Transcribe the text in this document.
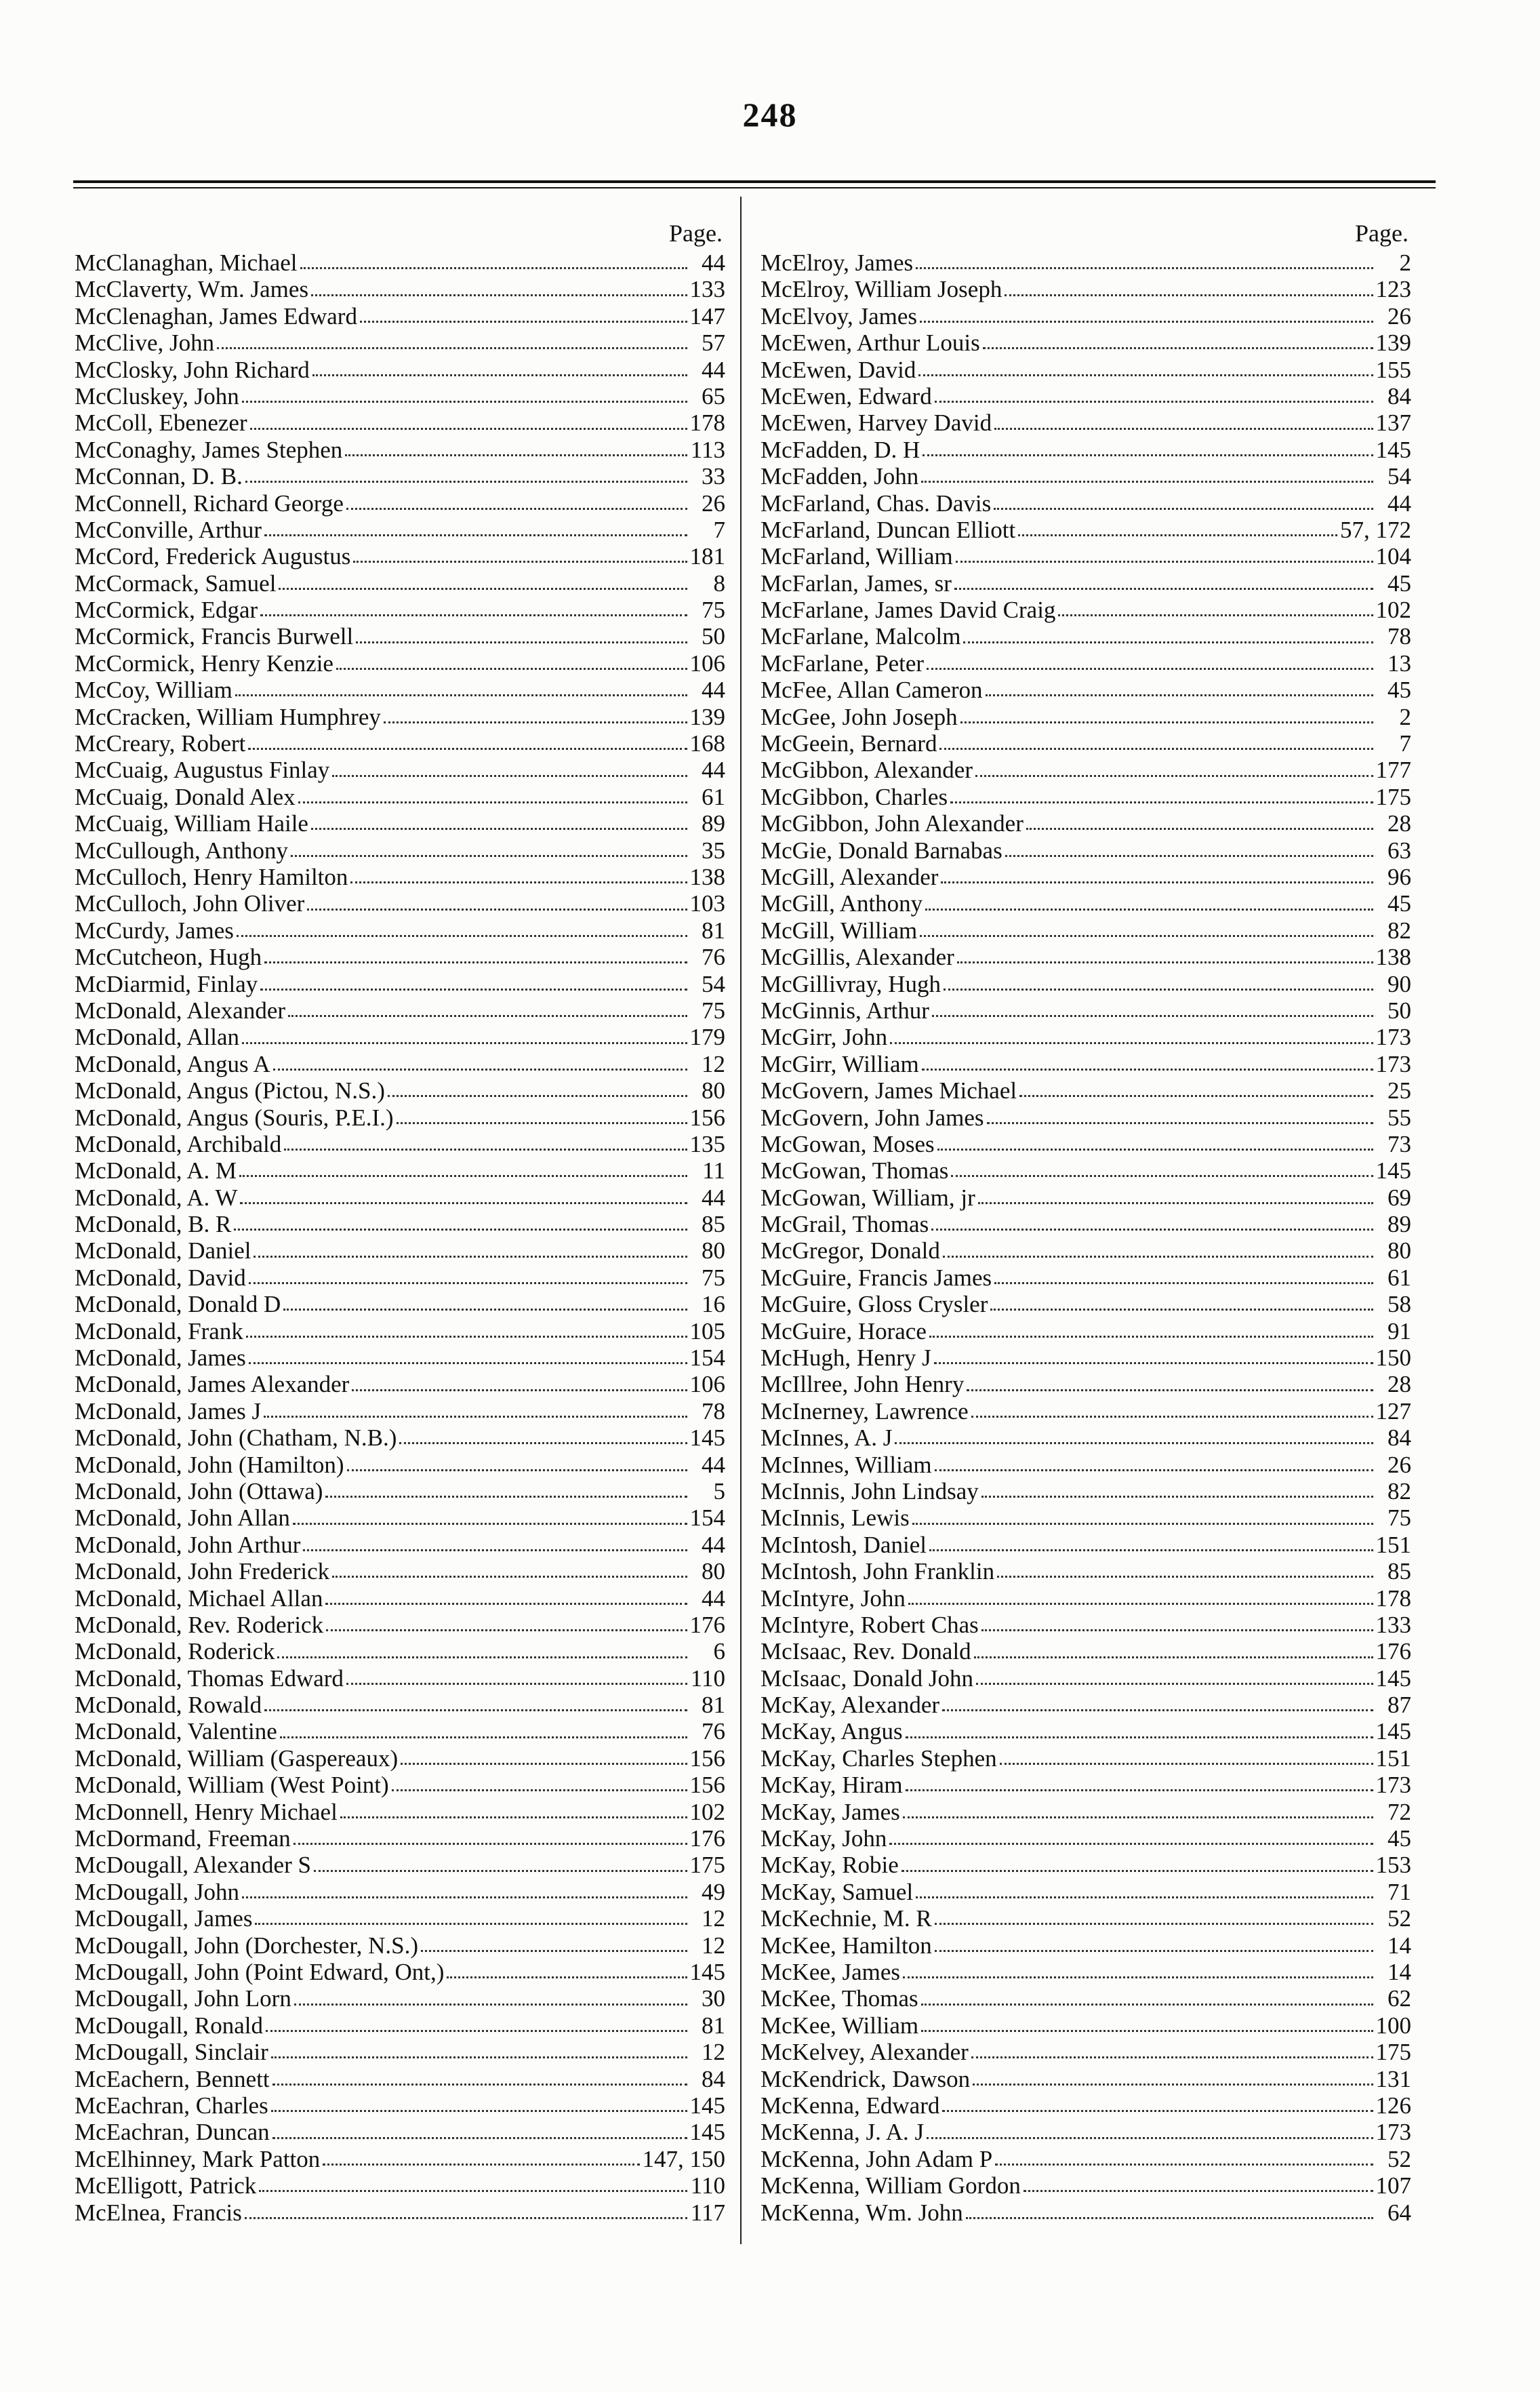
248
Page.
McClanaghan, Michael	44
McClaverty, Wm. James	133
McClenaghan, James Edward	147
McClive, John	57
McClosky, John Richard	44
McCluskey, John	65
McColl, Ebenezer	178
McConaghy, James Stephen	113
McConnan, D. B.	33
McConnell, Richard George	26
McConville, Arthur	7
McCord, Frederick Augustus	181
McCormack, Samuel	8
McCormick, Edgar	75
McCormick, Francis Burwell	50
McCormick, Henry Kenzie	106
McCoy, William	44
McCracken, William Humphrey	139
McCreary, Robert	168
McCuaig, Augustus Finlay	44
McCuaig, Donald Alex	61
McCuaig, William Haile	89
McCullough, Anthony	35
McCulloch, Henry Hamilton	138
McCulloch, John Oliver	103
McCurdy, James	81
McCutcheon, Hugh	76
McDiarmid, Finlay	54
McDonald, Alexander	75
McDonald, Allan	179
McDonald, Angus A	12
McDonald, Angus (Pictou, N.S.)	80
McDonald, Angus (Souris, P.E.I.)	156
McDonald, Archibald	135
McDonald, A. M	11
McDonald, A. W	44
McDonald, B. R	85
McDonald, Daniel	80
McDonald, David	75
McDonald, Donald D	16
McDonald, Frank	105
McDonald, James	154
McDonald, James Alexander	106
McDonald, James J	78
McDonald, John (Chatham, N.B.)	145
McDonald, John (Hamilton)	44
McDonald, John (Ottawa)	5
McDonald, John Allan	154
McDonald, John Arthur	44
McDonald, John Frederick	80
McDonald, Michael Allan	44
McDonald, Rev. Roderick	176
McDonald, Roderick	6
McDonald, Thomas Edward	110
McDonald, Rowald	81
McDonald, Valentine	76
McDonald, William (Gaspereaux)	156
McDonald, William (West Point)	156
McDonnell, Henry Michael	102
McDormand, Freeman	176
McDougall, Alexander S	175
McDougall, John	49
McDougall, James	12
McDougall, John (Dorchester, N.S.)	12
McDougall, John (Point Edward, Ont,)	145
McDougall, John Lorn	30
McDougall, Ronald	81
McDougall, Sinclair	12
McEachern, Bennett	84
McEachran, Charles	145
McEachran, Duncan	145
McElhinney, Mark Patton	147, 150
McElligott, Patrick	110
McElnea, Francis	117
Page.
McElroy, James	2
McElroy, William Joseph	123
McElvoy, James	26
McEwen, Arthur Louis	139
McEwen, David	155
McEwen, Edward	84
McEwen, Harvey David	137
McFadden, D. H	145
McFadden, John	54
McFarland, Chas. Davis	44
McFarland, Duncan Elliott	57, 172
McFarland, William	104
McFarlan, James, sr	45
McFarlane, James David Craig	102
McFarlane, Malcolm	78
McFarlane, Peter	13
McFee, Allan Cameron	45
McGee, John Joseph	2
McGeein, Bernard	7
McGibbon, Alexander	177
McGibbon, Charles	175
McGibbon, John Alexander	28
McGie, Donald Barnabas	63
McGill, Alexander	96
McGill, Anthony	45
McGill, William	82
McGillis, Alexander	138
McGillivray, Hugh	90
McGinnis, Arthur	50
McGirr, John	173
McGirr, William	173
McGovern, James Michael	25
McGovern, John James	55
McGowan, Moses	73
McGowan, Thomas	145
McGowan, William, jr	69
McGrail, Thomas	89
McGregor, Donald	80
McGuire, Francis James	61
McGuire, Gloss Crysler	58
McGuire, Horace	91
McHugh, Henry J	150
McIllree, John Henry	28
McInerney, Lawrence	127
McInnes, A. J	84
McInnes, William	26
McInnis, John Lindsay	82
McInnis, Lewis	75
McIntosh, Daniel	151
McIntosh, John Franklin	85
McIntyre, John	178
McIntyre, Robert Chas	133
McIsaac, Rev. Donald	176
McIsaac, Donald John	145
McKay, Alexander	87
McKay, Angus	145
McKay, Charles Stephen	151
McKay, Hiram	173
McKay, James	72
McKay, John	45
McKay, Robie	153
McKay, Samuel	71
McKechnie, M. R	52
McKee, Hamilton	14
McKee, James	14
McKee, Thomas	62
McKee, William	100
McKelvey, Alexander	175
McKendrick, Dawson	131
McKenna, Edward	126
McKenna, J. A. J	173
McKenna, John Adam P	52
McKenna, William Gordon	107
McKenna, Wm. John	64
